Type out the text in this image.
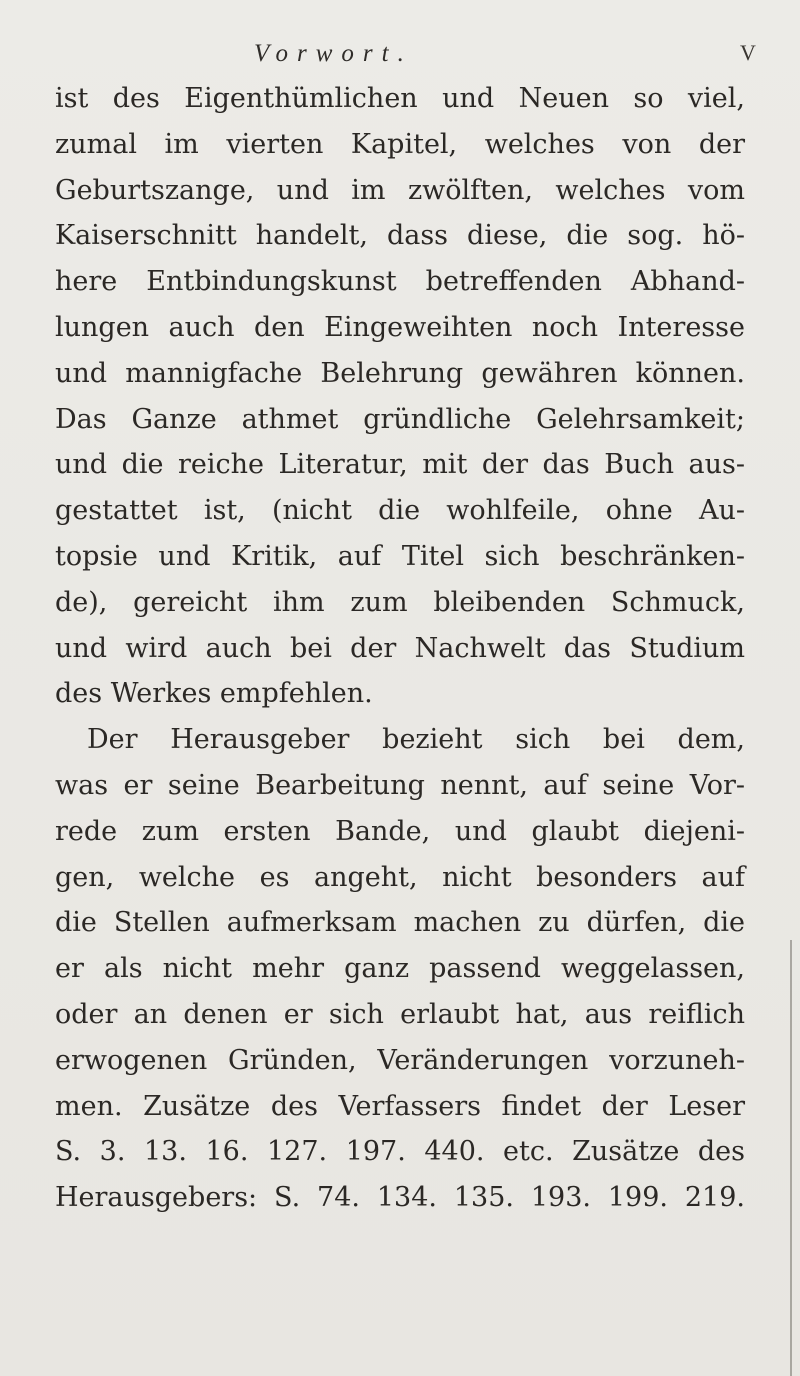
Vorwort.	V
ist des Eigenthümlichen und Neuen so viel,
zumal im vierten Kapitel, welches von der
Geburtszange, und im zwölften, welches vom
Kaiserschnitt handelt, dass diese, die sog. hö-
here Entbindungskunst betreffenden Abhand-
lungen auch den Eingeweihten noch Interesse
und mannigfache Belehrung gewähren können.
Das Ganze athmet gründliche Gelehrsamkeit;
und die reiche Literatur, mit der das Buch aus-
gestattet ist, (nicht die wohlfeile, ohne Au-
topsie und Kritik, auf Titel sich beschränken-
de), gereicht ihm zum bleibenden Schmuck,
und wird auch bei der Nachwelt das Studium
des Werkes empfehlen.
Der Herausgeber bezieht sich bei dem,
was er seine Bearbeitung nennt, auf seine Vor-
rede zum ersten Bande, und glaubt diejeni-
gen, welche es angeht, nicht besonders auf
die Stellen aufmerksam machen zu dürfen, die
er als nicht mehr ganz passend weggelassen,
oder an denen er sich erlaubt hat, aus reiflich
erwogenen Gründen, Veränderungen vorzuneh-
men. Zusätze des Verfassers findet der Leser
S. 3. 13. 16. 127. 197. 440. etc. Zusätze des
Herausgebers: S. 74. 134. 135. 193. 199. 219.
